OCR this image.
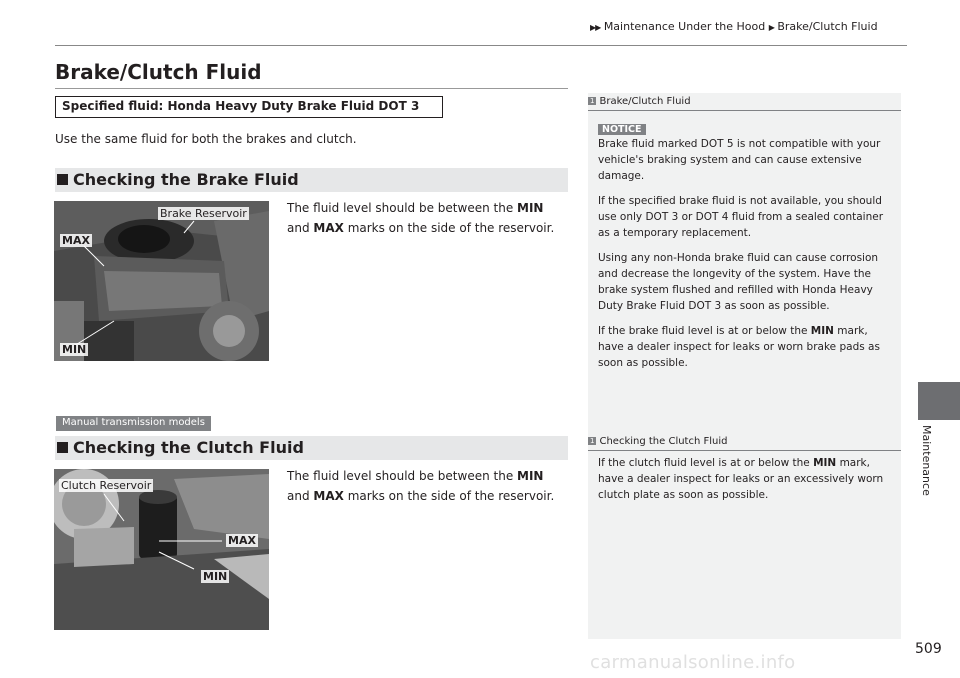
▶▶ Maintenance Under the Hood ▶ Brake/Clutch Fluid
Brake/Clutch Fluid
Specified fluid: Honda Heavy Duty Brake Fluid DOT 3
Use the same fluid for both the brakes and clutch.
Checking the Brake Fluid
Brake Reservoir
MAX
MIN
The fluid level should be between the MIN
and MAX marks on the side of the reservoir.
Manual transmission models
Checking the Clutch Fluid
Clutch Reservoir
MAX
MIN
The fluid level should be between the MIN
and MAX marks on the side of the reservoir.
1 Brake/Clutch Fluid
NOTICE
Brake fluid marked DOT 5 is not compatible with your vehicle's braking system and can cause extensive damage.
If the specified brake fluid is not available, you should use only DOT 3 or DOT 4 fluid from a sealed container as a temporary replacement.
Using any non-Honda brake fluid can cause corrosion and decrease the longevity of the system. Have the brake system flushed and refilled with Honda Heavy Duty Brake Fluid DOT 3 as soon as possible.
If the brake fluid level is at or below the MIN mark, have a dealer inspect for leaks or worn brake pads as soon as possible.
1 Checking the Clutch Fluid
If the clutch fluid level is at or below the MIN mark, have a dealer inspect for leaks or an excessively worn clutch plate as soon as possible.	Maintenance
509
carmanualsonline.info
